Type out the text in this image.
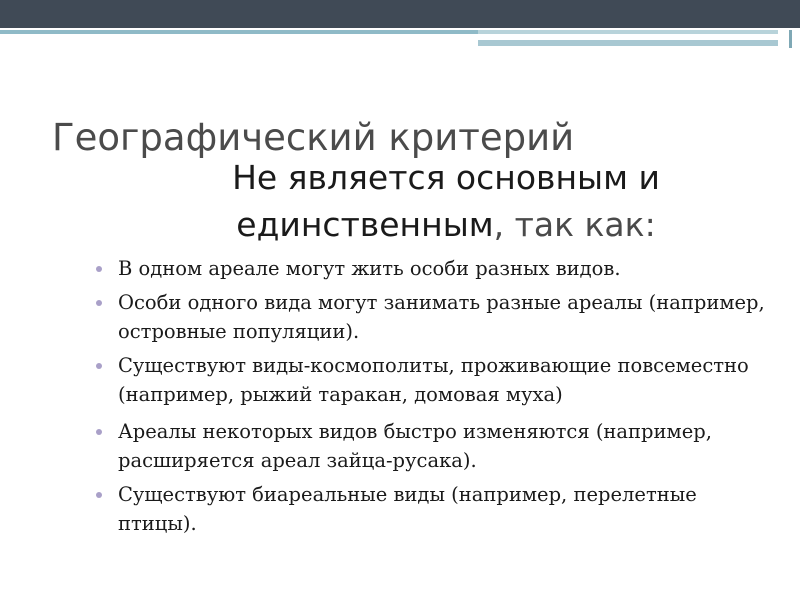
Географический критерий
Не является основным и единственным, так как:
В одном ареале могут жить особи разных видов.
Особи одного вида могут занимать разные ареалы (например, островные популяции).
Существуют виды-космополиты, проживающие повсеместно (например, рыжий таракан, домовая муха)
Ареалы некоторых видов быстро изменяются (например, расширяется ареал зайца-русака).
Существуют биареальные виды (например, перелетные птицы).
